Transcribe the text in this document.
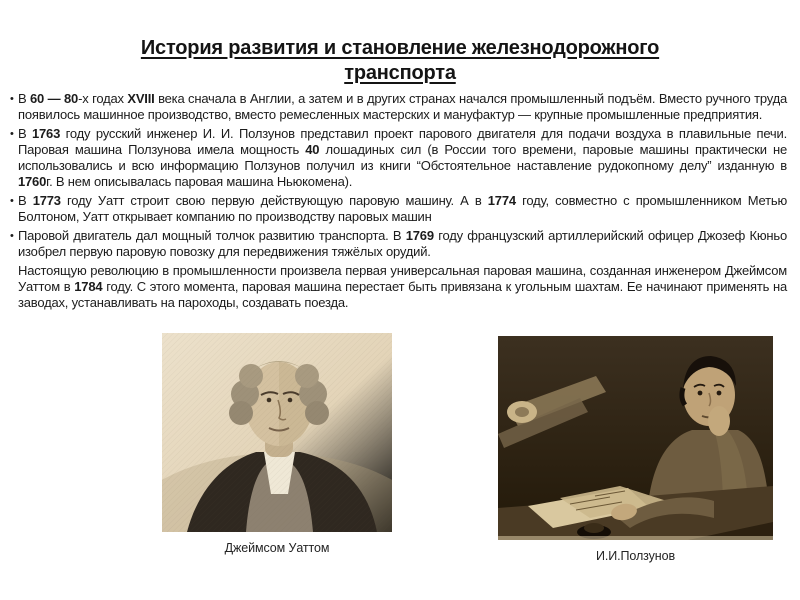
История развития и становление железнодорожного транспорта
• В 60 — 80-х годах XVIII века сначала в Англии, а затем и в других странах начался промышленный подъём. Вместо ручного труда появилось машинное производство, вместо ремесленных мастерских и мануфактур — крупные промышленные предприятия.
• В 1763 году русский инженер И. И. Ползунов представил проект парового двигателя для подачи воздуха в плавильные печи. Паровая машина Ползунова имела мощность 40 лошадиных сил (в России того времени, паровые машины практически не использовались и всю информацию Ползунов получил из книги “Обстоятельное наставление рудокопному делу” изданную в 1760г. В нем описывалась паровая машина Ньюкомена).
• В 1773 году Уатт строит свою первую действующую паровую машину. А в 1774 году, совместно с промышленником Метью Болтоном, Уатт открывает компанию по производству паровых машин
• Паровой двигатель дал мощный толчок развитию транспорта. В 1769 году французский артиллерийский офицер Джозеф Кюньо изобрел первую паровую повозку для передвижения тяжёлых орудий.
Настоящую революцию в промышленности произвела первая универсальная паровая машина, созданная инженером Джеймсом Уаттом в 1784 году. С этого момента, паровая машина перестает быть привязана к угольным шахтам. Ее начинают применять на заводах, устанавливать на пароходы, создавать поезда.
Джеймсом Уаттом
И.И.Ползунов
